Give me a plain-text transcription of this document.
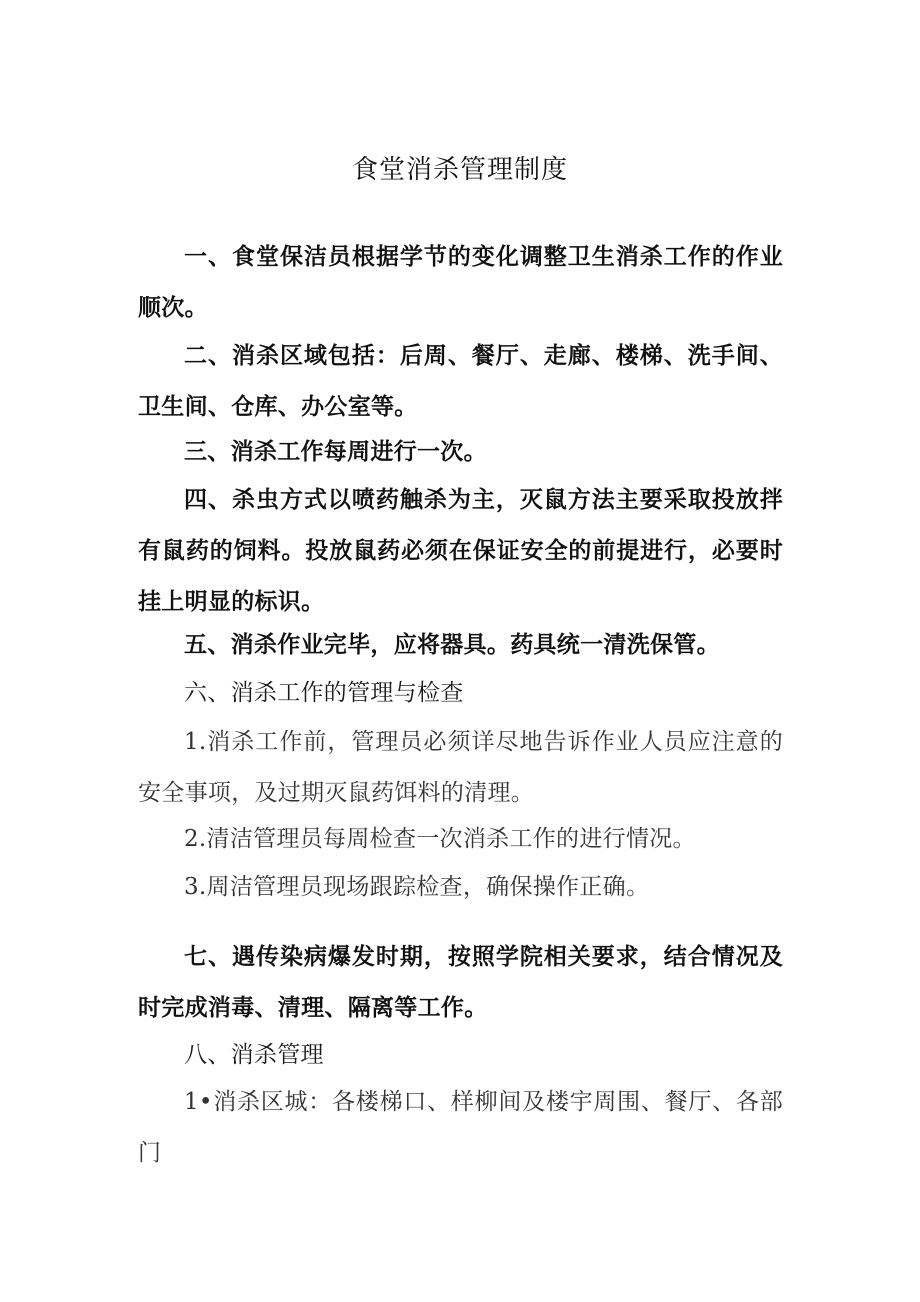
食堂消杀管理制度

一、食堂保洁员根据学节的变化调整卫生消杀工作的作业顺次。

二、消杀区域包括：后周、餐厅、走廊、楼梯、洗手间、卫生间、仓库、办公室等。

三、消杀工作每周进行一次。

四、杀虫方式以喷药触杀为主，灭鼠方法主要采取投放拌有鼠药的饲料。投放鼠药必须在保证安全的前提进行，必要时挂上明显的标识。

五、消杀作业完毕，应将器具。药具统一清洗保管。

六、消杀工作的管理与检查

1.消杀工作前，管理员必须详尽地告诉作业人员应注意的安全事项，及过期灭鼠药饵料的清理。

2.清洁管理员每周检查一次消杀工作的进行情况。

3.周洁管理员现场跟踪检查，确保操作正确。

七、遇传染病爆发时期，按照学院相关要求，结合情况及时完成消毒、清理、隔离等工作。

八、消杀管理

1•消杀区城：各楼梯口、样柳间及楼宇周围、餐厅、各部门
